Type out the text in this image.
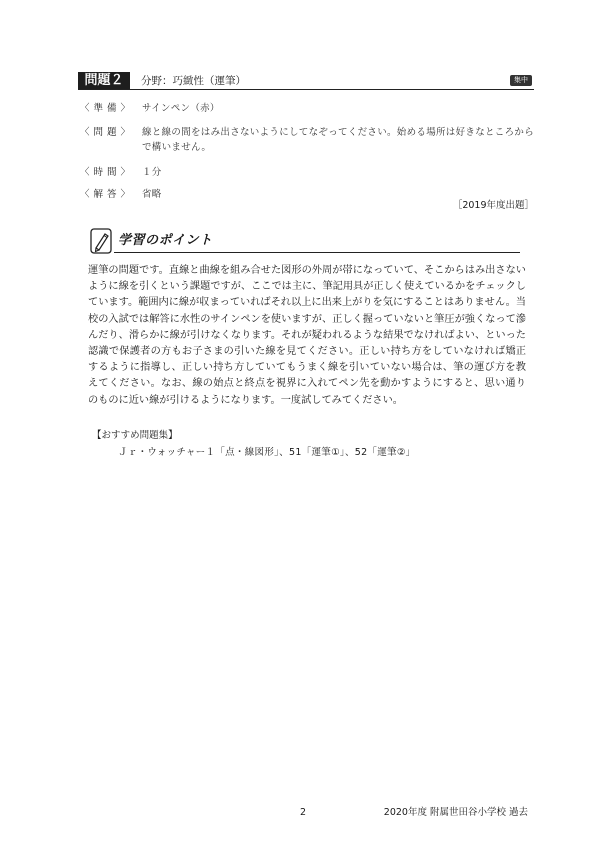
問題２	分野：巧緻性（運筆）	集中
〈 準 備 〉	サインペン（赤）
〈 問 題 〉	線と線の間をはみ出さないようにしてなぞってください。始める場所は好きなところからで構いません。
〈 時 間 〉	１分
〈 解 答 〉	省略
［2019年度出題］
学習のポイント

運筆の問題です。直線と曲線を組み合せた図形の外周が帯になっていて、そこからはみ出さないように線を引くという課題ですが、ここでは主に、筆記用具が正しく使えているかをチェックしています。範囲内に線が収まっていればそれ以上に出来上がりを気にすることはありません。当校の入試では解答に水性のサインペンを使いますが、正しく握っていないと筆圧が強くなって滲んだり、滑らかに線が引けなくなります。それが疑われるような結果でなければよい、といった認識で保護者の方もお子さまの引いた線を見てください。正しい持ち方をしていなければ矯正するように指導し、正しい持ち方していてもうまく線を引いていない場合は、筆の運び方を教えてください。なお、線の始点と終点を視界に入れてペン先を動かすようにすると、思い通りのものに近い線が引けるようになります。一度試してみてください。

【おすすめ問題集】
Ｊｒ・ウォッチャー１「点・線図形」、51「運筆①」、52「運筆②」
2	2020年度 附属世田谷小学校 過去
